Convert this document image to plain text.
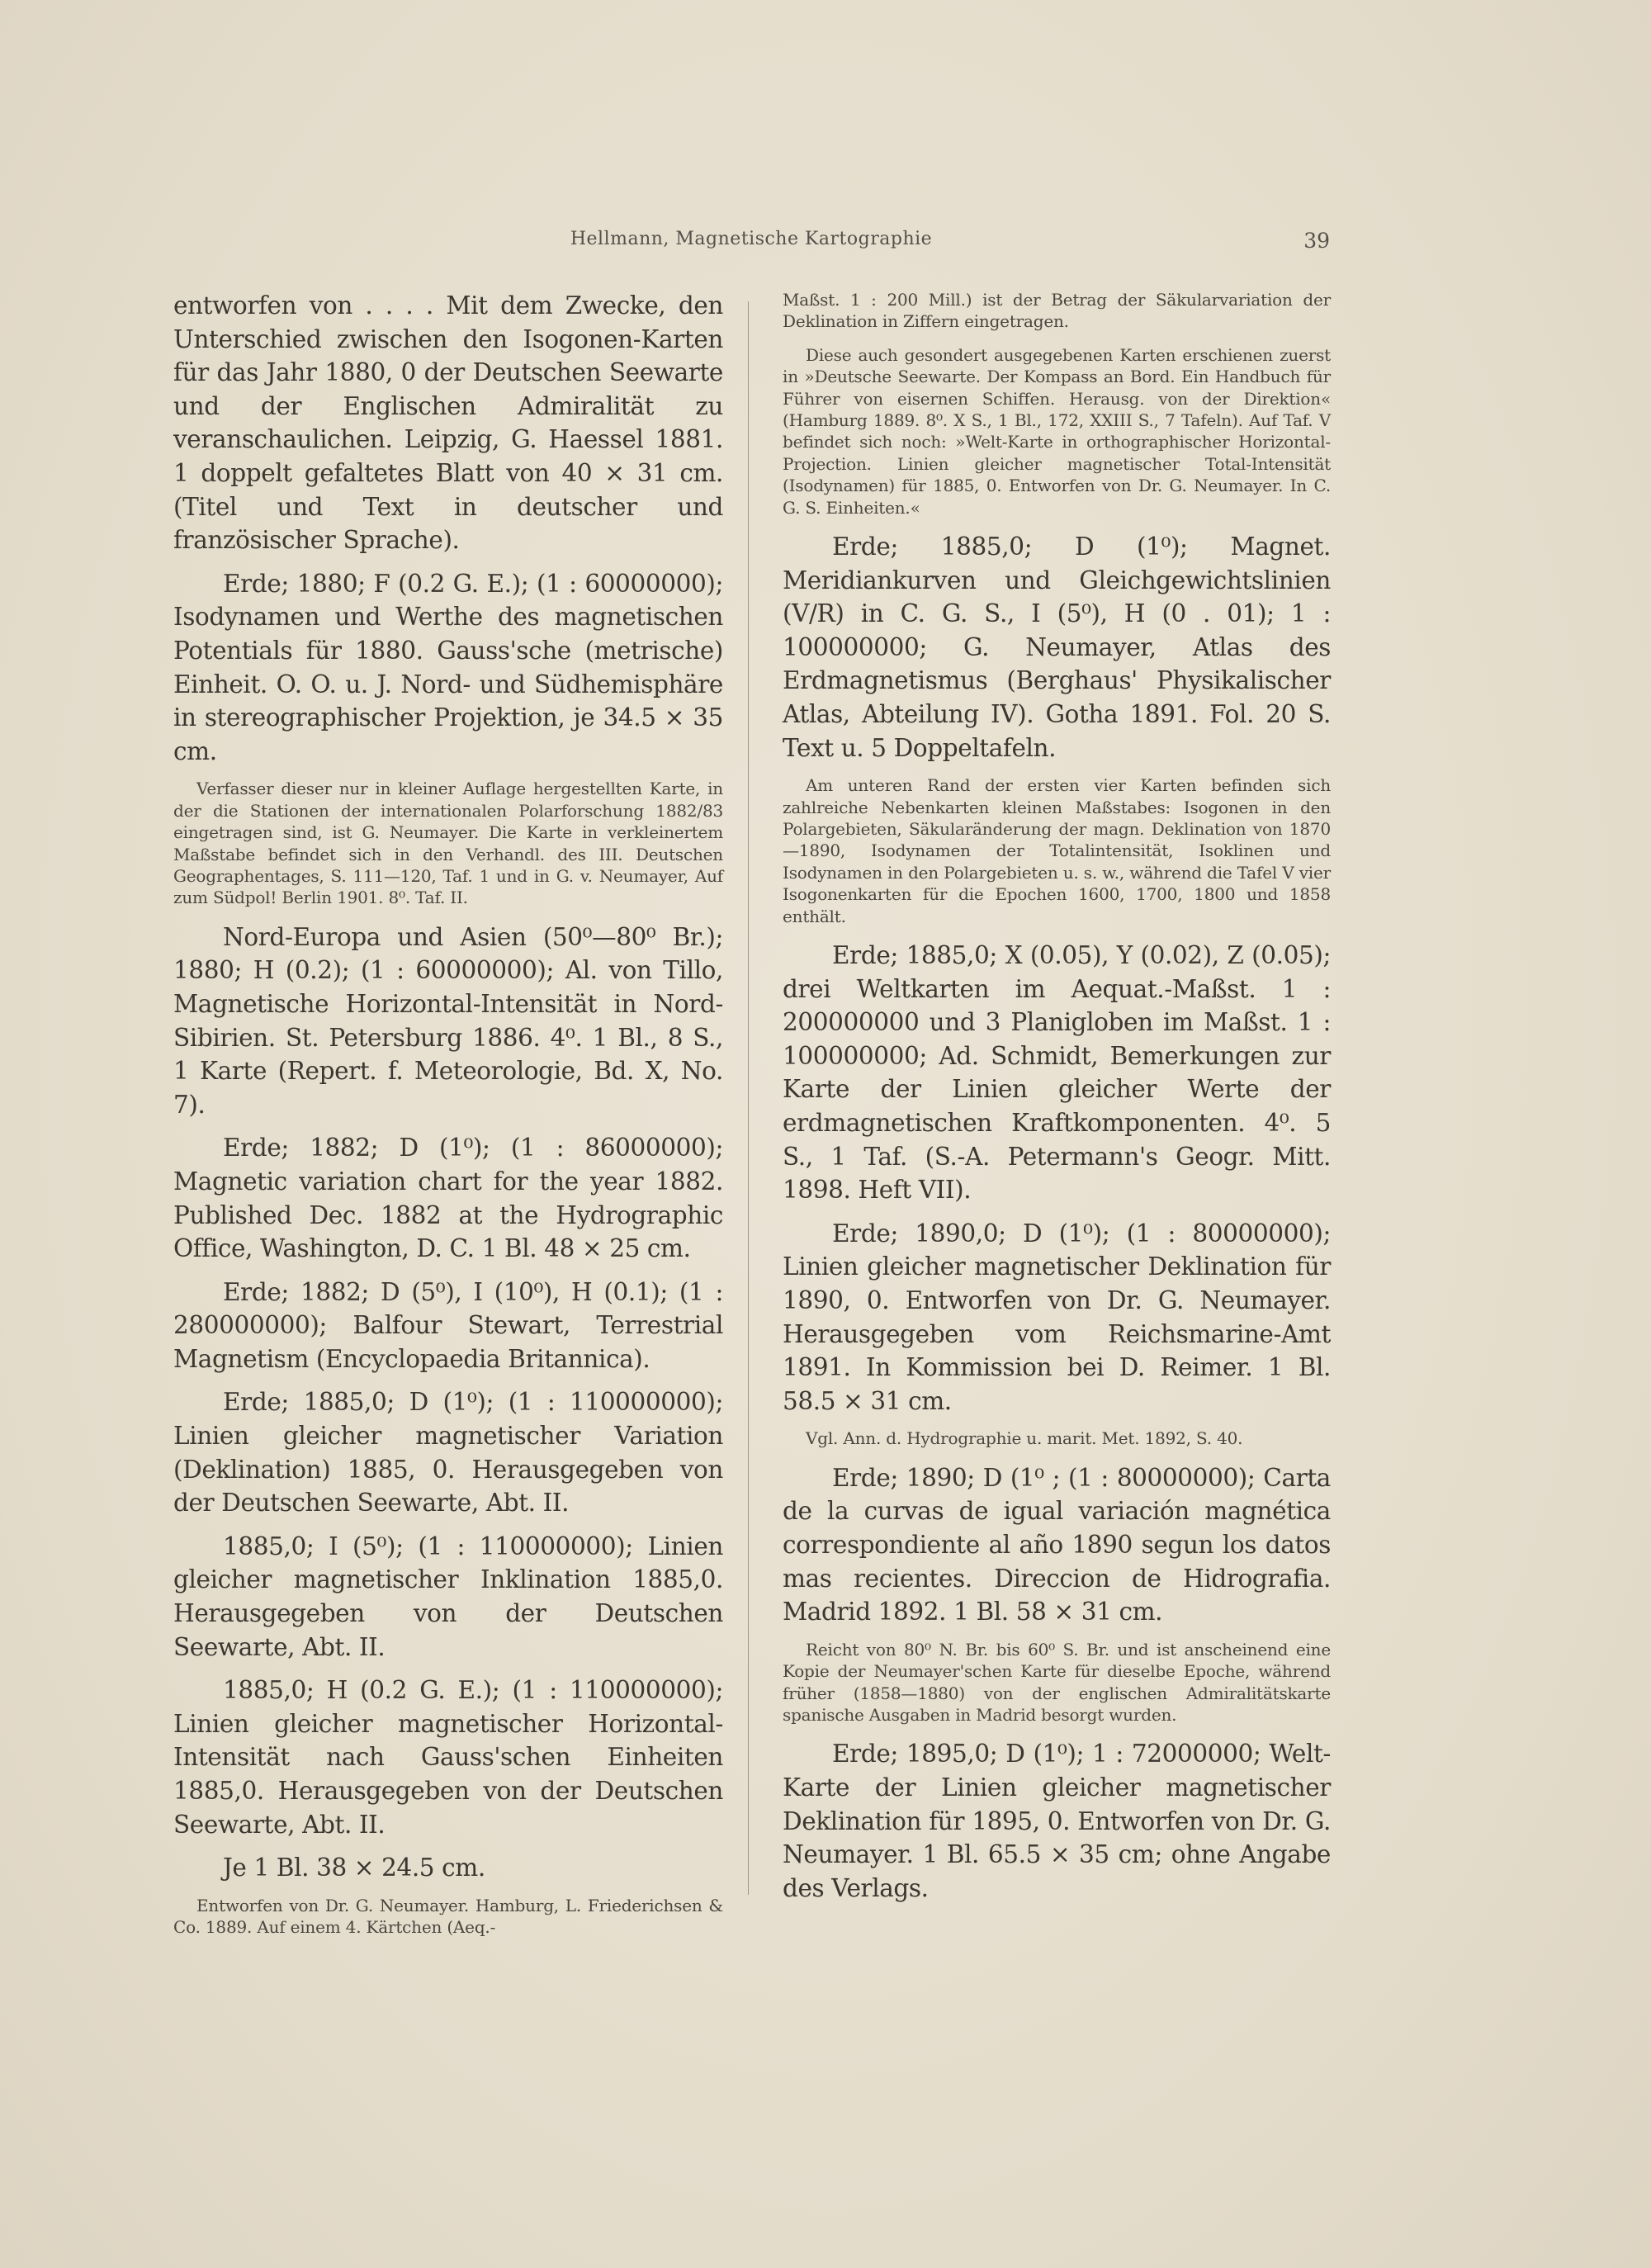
Hellmann, Magnetische Kartographie	39

entworfen von . . . . Mit dem Zwecke, den Unterschied zwischen den Isogonen-Karten für das Jahr 1880, 0 der Deutschen Seewarte und der Englischen Admiralität zu veranschaulichen. Leipzig, G. Haessel 1881. 1 doppelt gefaltetes Blatt von 40 × 31 cm. (Titel und Text in deutscher und französischer Sprache).

Erde; 1880; F (0.2 G. E.); (1 : 60000000); Isodynamen und Werthe des magnetischen Potentials für 1880. Gauss'sche (metrische) Einheit. O. O. u. J. Nord- und Südhemisphäre in stereographischer Projektion, je 34.5 × 35 cm.

Verfasser dieser nur in kleiner Auflage hergestellten Karte, in der die Stationen der internationalen Polarforschung 1882/83 eingetragen sind, ist G. Neumayer. Die Karte in verkleinertem Maßstabe befindet sich in den Verhandl. des III. Deutschen Geographentages, S. 111—120, Taf. 1 und in G. v. Neumayer, Auf zum Südpol! Berlin 1901. 8⁰. Taf. II.

Nord-Europa und Asien (50⁰—80⁰ Br.); 1880; H (0.2); (1 : 60000000); Al. von Tillo, Magnetische Horizontal-Intensität in Nord-Sibirien. St. Petersburg 1886. 4⁰. 1 Bl., 8 S., 1 Karte (Repert. f. Meteorologie, Bd. X, No. 7).

Erde; 1882; D (1⁰); (1 : 86000000); Magnetic variation chart for the year 1882. Published Dec. 1882 at the Hydrographic Office, Washington, D. C. 1 Bl. 48 × 25 cm.

Erde; 1882; D (5⁰), I (10⁰), H (0.1); (1 : 280000000); Balfour Stewart, Terrestrial Magnetism (Encyclopaedia Britannica).

Erde; 1885,0; D (1⁰); (1 : 110000000); Linien gleicher magnetischer Variation (Deklination) 1885, 0. Herausgegeben von der Deutschen Seewarte, Abt. II.

1885,0; I (5⁰); (1 : 110000000); Linien gleicher magnetischer Inklination 1885,0. Herausgegeben von der Deutschen Seewarte, Abt. II.

1885,0; H (0.2 G. E.); (1 : 110000000); Linien gleicher magnetischer Horizontal-Intensität nach Gauss'schen Einheiten 1885,0. Herausgegeben von der Deutschen Seewarte, Abt. II.

Je 1 Bl. 38 × 24.5 cm.

Entworfen von Dr. G. Neumayer. Hamburg, L. Friederichsen & Co. 1889. Auf einem 4. Kärtchen (Aeq.-

Maßst. 1 : 200 Mill.) ist der Betrag der Säkularvariation der Deklination in Ziffern eingetragen.

Diese auch gesondert ausgegebenen Karten erschienen zuerst in »Deutsche Seewarte. Der Kompass an Bord. Ein Handbuch für Führer von eisernen Schiffen. Herausg. von der Direktion« (Hamburg 1889. 8⁰. X S., 1 Bl., 172, XXIII S., 7 Tafeln). Auf Taf. V befindet sich noch: »Welt-Karte in orthographischer Horizontal-Projection. Linien gleicher magnetischer Total-Intensität (Isodynamen) für 1885, 0. Entworfen von Dr. G. Neumayer. In C. G. S. Einheiten.«

Erde; 1885,0; D (1⁰); Magnet. Meridiankurven und Gleichgewichtslinien (V/R) in C. G. S., I (5⁰), H (0 . 01); 1 : 100000000; G. Neumayer, Atlas des Erdmagnetismus (Berghaus' Physikalischer Atlas, Abteilung IV). Gotha 1891. Fol. 20 S. Text u. 5 Doppeltafeln.

Am unteren Rand der ersten vier Karten befinden sich zahlreiche Nebenkarten kleinen Maßstabes: Isogonen in den Polargebieten, Säkularänderung der magn. Deklination von 1870—1890, Isodynamen der Totalintensität, Isoklinen und Isodynamen in den Polargebieten u. s. w., während die Tafel V vier Isogonenkarten für die Epochen 1600, 1700, 1800 und 1858 enthält.

Erde; 1885,0; X (0.05), Y (0.02), Z (0.05); drei Weltkarten im Aequat.-Maßst. 1 : 200000000 und 3 Planigloben im Maßst. 1 : 100000000; Ad. Schmidt, Bemerkungen zur Karte der Linien gleicher Werte der erdmagnetischen Kraftkomponenten. 4⁰. 5 S., 1 Taf. (S.-A. Petermann's Geogr. Mitt. 1898. Heft VII).

Erde; 1890,0; D (1⁰); (1 : 80000000); Linien gleicher magnetischer Deklination für 1890, 0. Entworfen von Dr. G. Neumayer. Herausgegeben vom Reichsmarine-Amt 1891. In Kommission bei D. Reimer. 1 Bl. 58.5 × 31 cm.

Vgl. Ann. d. Hydrographie u. marit. Met. 1892, S. 40.

Erde; 1890; D (1⁰ ; (1 : 80000000); Carta de la curvas de igual variación magnética correspondiente al año 1890 segun los datos mas recientes. Direccion de Hidrografia. Madrid 1892. 1 Bl. 58 × 31 cm.

Reicht von 80⁰ N. Br. bis 60⁰ S. Br. und ist anscheinend eine Kopie der Neumayer'schen Karte für dieselbe Epoche, während früher (1858—1880) von der englischen Admiralitätskarte spanische Ausgaben in Madrid besorgt wurden.

Erde; 1895,0; D (1⁰); 1 : 72000000; Welt-Karte der Linien gleicher magnetischer Deklination für 1895, 0. Entworfen von Dr. G. Neumayer. 1 Bl. 65.5 × 35 cm; ohne Angabe des Verlags.
